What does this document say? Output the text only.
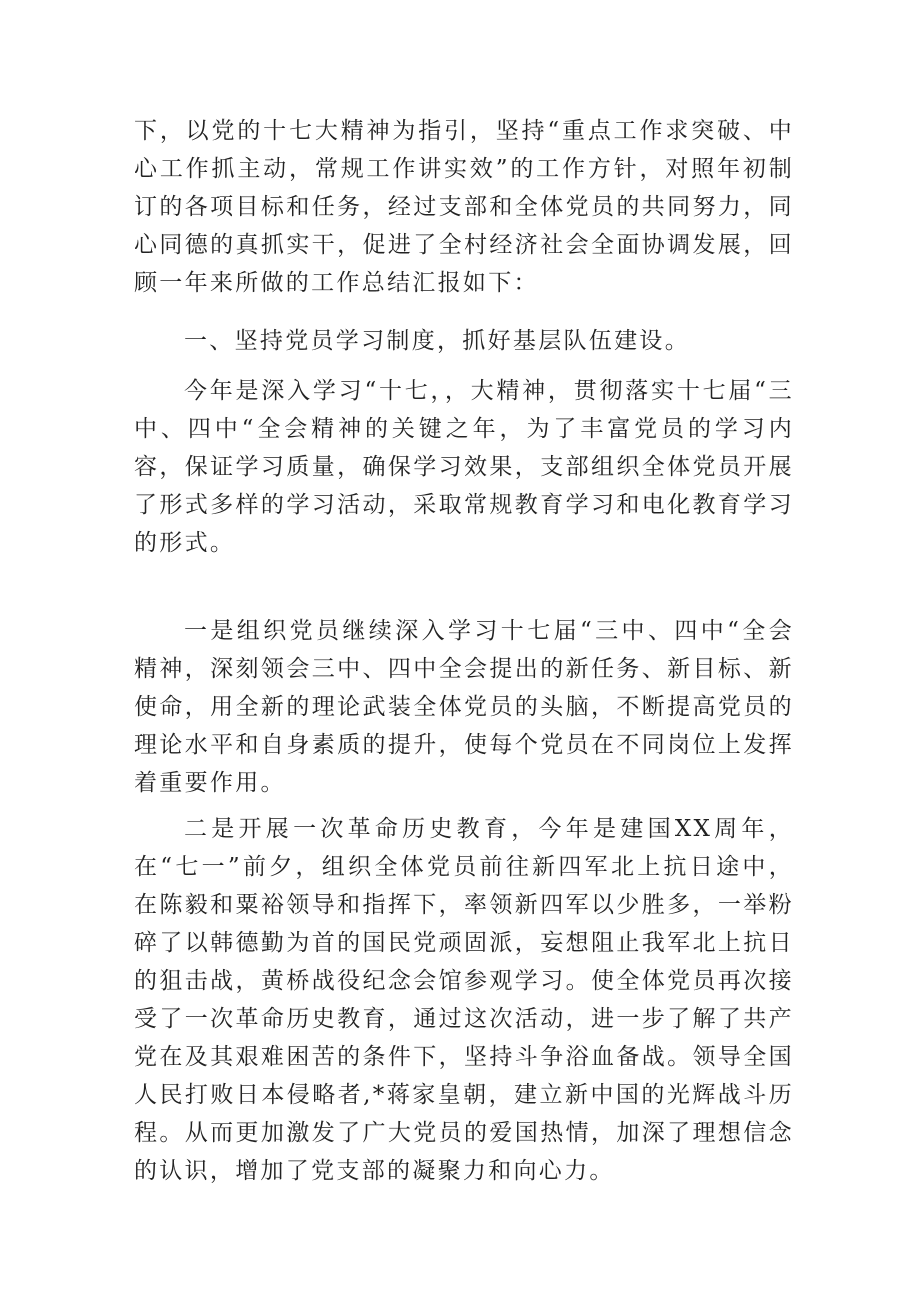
下，以党的十七大精神为指引，坚持“重点工作求突破、中心工作抓主动，常规工作讲实效”的工作方针，对照年初制订的各项目标和任务，经过支部和全体党员的共同努力，同心同德的真抓实干，促进了全村经济社会全面协调发展，回顾一年来所做的工作总结汇报如下：

一、坚持党员学习制度，抓好基层队伍建设。

今年是深入学习“十七，，大精神，贯彻落实十七届“三中、四中“全会精神的关键之年，为了丰富党员的学习内容，保证学习质量，确保学习效果，支部组织全体党员开展了形式多样的学习活动，采取常规教育学习和电化教育学习的形式。

一是组织党员继续深入学习十七届“三中、四中“全会精神，深刻领会三中、四中全会提出的新任务、新目标、新使命，用全新的理论武装全体党员的头脑，不断提高党员的理论水平和自身素质的提升，使每个党员在不同岗位上发挥着重要作用。

二是开展一次革命历史教育，今年是建国XX周年，在“七一”前夕，组织全体党员前往新四军北上抗日途中，在陈毅和粟裕领导和指挥下，率领新四军以少胜多，一举粉碎了以韩德勤为首的国民党顽固派，妄想阻止我军北上抗日的狙击战，黄桥战役纪念会馆参观学习。使全体党员再次接受了一次革命历史教育，通过这次活动，进一步了解了共产党在及其艰难困苦的条件下，坚持斗争浴血备战。领导全国人民打败日本侵略者,*蒋家皇朝，建立新中国的光辉战斗历程。从而更加激发了广大党员的爱国热情，加深了理想信念的认识，增加了党支部的凝聚力和向心力。
